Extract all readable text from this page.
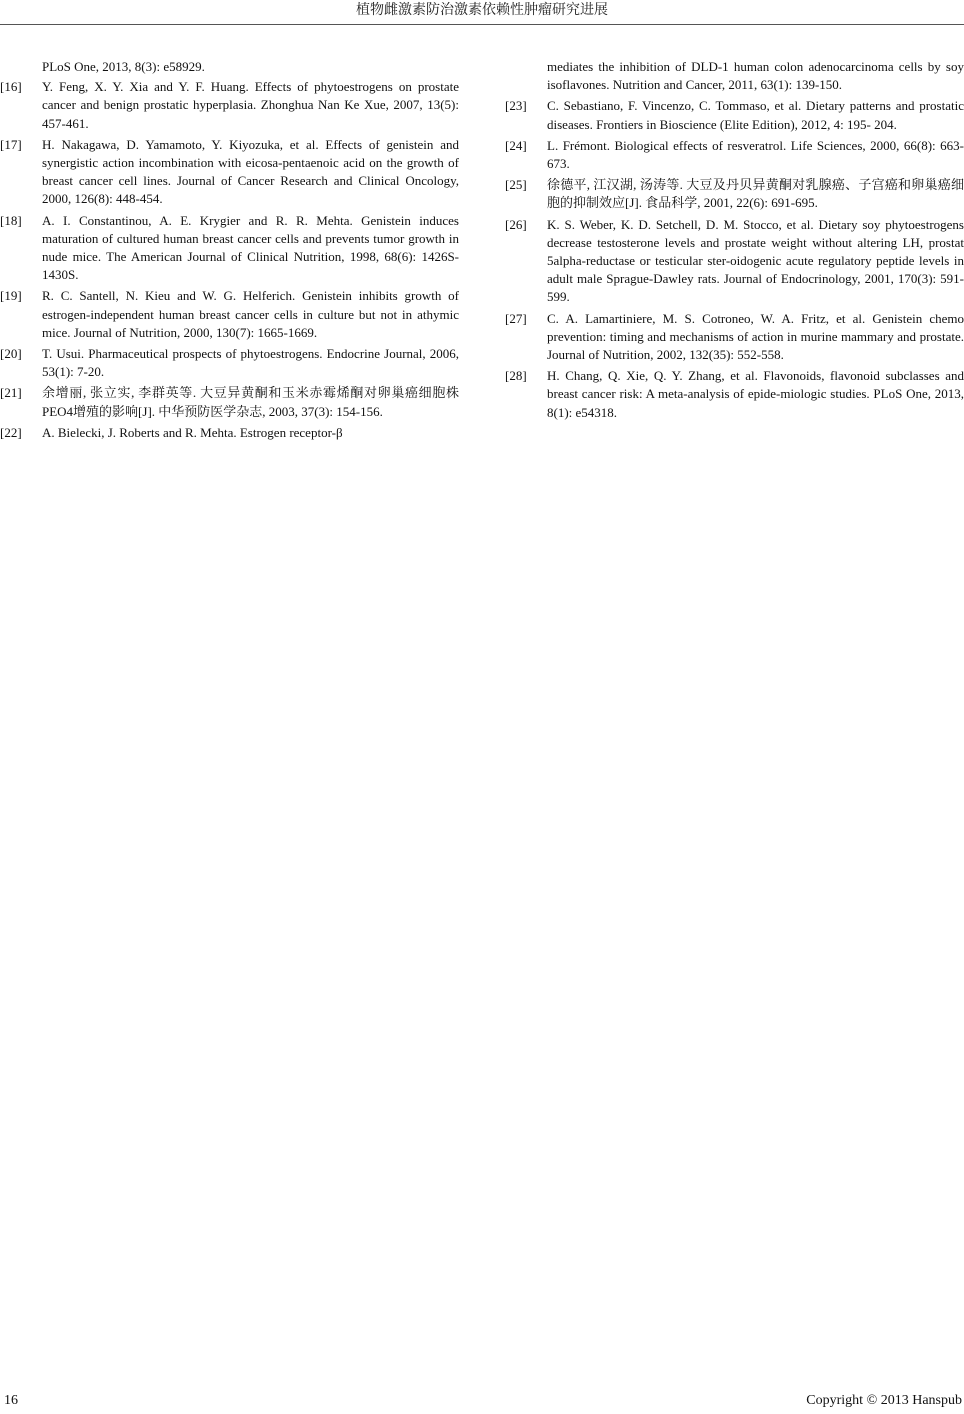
植物雌激素防治激素依赖性肿瘤研究进展
PLoS One, 2013, 8(3): e58929.
[16] Y. Feng, X. Y. Xia and Y. F. Huang. Effects of phytoestrogens on prostate cancer and benign prostatic hyperplasia. Zhonghua Nan Ke Xue, 2007, 13(5): 457-461.
[17] H. Nakagawa, D. Yamamoto, Y. Kiyozuka, et al. Effects of genistein and synergistic action incombination with eicosa-pentaenoic acid on the growth of breast cancer cell lines. Journal of Cancer Research and Clinical Oncology, 2000, 126(8): 448-454.
[18] A. I. Constantinou, A. E. Krygier and R. R. Mehta. Genistein induces maturation of cultured human breast cancer cells and prevents tumor growth in nude mice. The American Journal of Clinical Nutrition, 1998, 68(6): 1426S-1430S.
[19] R. C. Santell, N. Kieu and W. G. Helferich. Genistein inhibits growth of estrogen-independent human breast cancer cells in culture but not in athymic mice. Journal of Nutrition, 2000, 130(7): 1665-1669.
[20] T. Usui. Pharmaceutical prospects of phytoestrogens. Endocrine Journal, 2006, 53(1): 7-20.
[21] 余增丽, 张立实, 李群英等. 大豆异黄酮和玉米赤霉烯酮对卵巢癌细胞株PEO4增殖的影响[J]. 中华预防医学杂志, 2003, 37(3): 154-156.
[22] A. Bielecki, J. Roberts and R. Mehta. Estrogen receptor-β
mediates the inhibition of DLD-1 human colon adenocarcinoma cells by soy isoflavones. Nutrition and Cancer, 2011, 63(1): 139-150.
[23] C. Sebastiano, F. Vincenzo, C. Tommaso, et al. Dietary patterns and prostatic diseases. Frontiers in Bioscience (Elite Edition), 2012, 4: 195- 204.
[24] L. Frémont. Biological effects of resveratrol. Life Sciences, 2000, 66(8): 663- 673.
[25] 徐德平, 江汉湖, 汤涛等. 大豆及丹贝异黄酮对乳腺癌、子宫癌和卵巢癌细胞的抑制效应[J]. 食品科学, 2001, 22(6): 691-695.
[26] K. S. Weber, K. D. Setchell, D. M. Stocco, et al. Dietary soy phytoestrogens decrease testosterone levels and prostate weight without altering LH, prostat 5alpha-reductase or testicular ster-oidogenic acute regulatory peptide levels in adult male Sprague-Dawley rats. Journal of Endocrinology, 2001, 170(3): 591-599.
[27] C. A. Lamartiniere, M. S. Cotroneo, W. A. Fritz, et al. Genistein chemo prevention: timing and mechanisms of action in murine mammary and prostate. Journal of Nutrition, 2002, 132(35): 552-558.
[28] H. Chang, Q. Xie, Q. Y. Zhang, et al. Flavonoids, flavonoid subclasses and breast cancer risk: A meta-analysis of epide-miologic studies. PLoS One, 2013, 8(1): e54318.
16	Copyright © 2013 Hanspub
